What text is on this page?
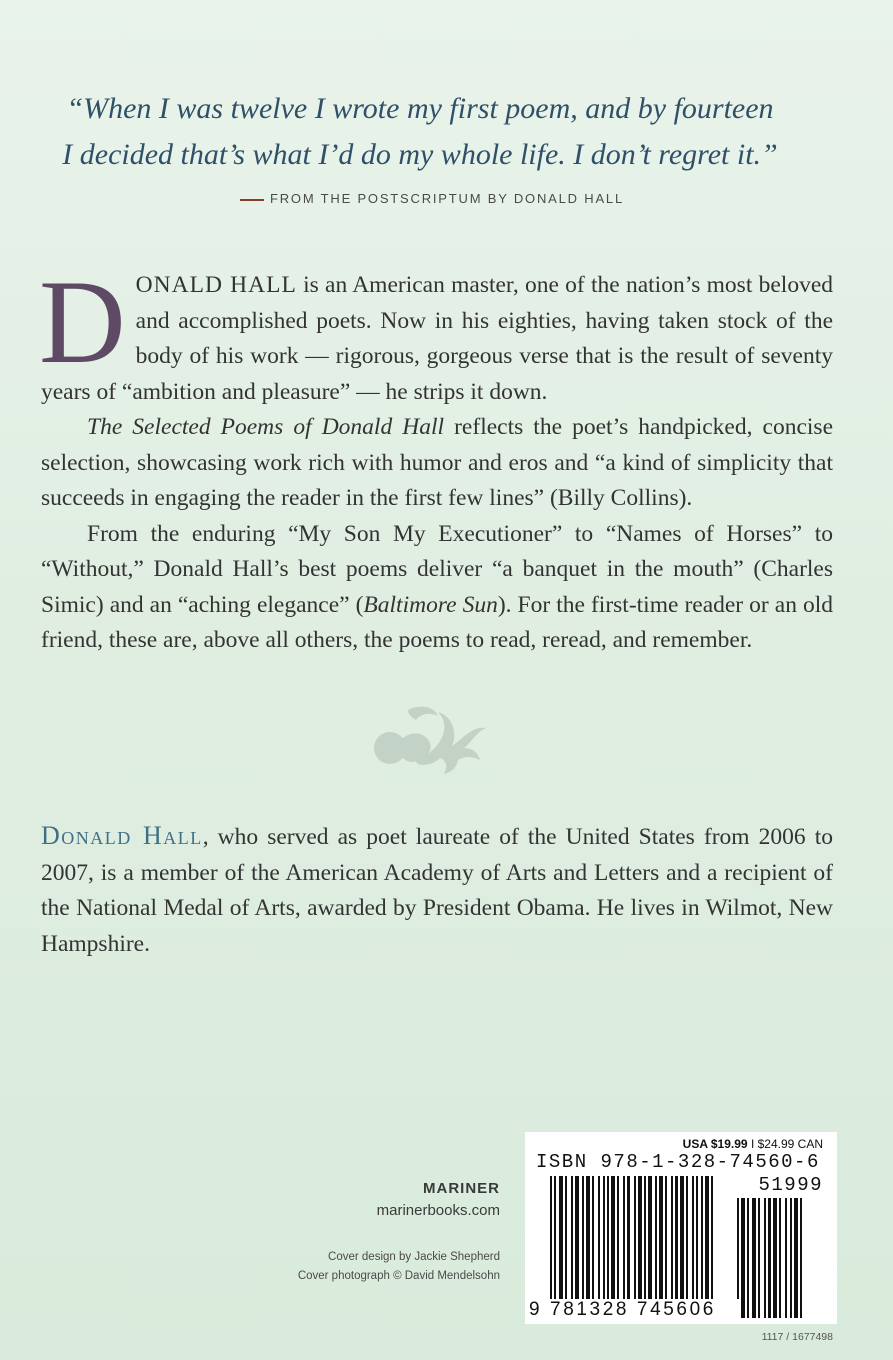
“When I was twelve I wrote my first poem, and by fourteen
I decided that’s what I’d do my whole life. I don’t regret it.”
FROM THE POSTSCRIPTUM BY DONALD HALL

DONALD HALL is an American master, one of the nation’s most beloved and accomplished poets. Now in his eighties, having taken stock of the body of his work — rigorous, gorgeous verse that is the result of seventy years of “ambition and pleasure” — he strips it down.

The Selected Poems of Donald Hall reflects the poet’s handpicked, concise selection, showcasing work rich with humor and eros and “a kind of simplicity that succeeds in engaging the reader in the first few lines” (Billy Collins).

From the enduring “My Son My Executioner” to “Names of Horses” to “Without,” Donald Hall’s best poems deliver “a banquet in the mouth” (Charles Simic) and an “aching elegance” (Baltimore Sun). For the first-time reader or an old friend, these are, above all others, the poems to read, reread, and remember.

Donald Hall, who served as poet laureate of the United States from 2006 to 2007, is a member of the American Academy of Arts and Letters and a recipient of the National Medal of Arts, awarded by President Obama. He lives in Wilmot, New Hampshire.
MARINER
marinerbooks.com
Cover design by Jackie Shepherd
Cover photograph © David Mendelsohn
USA $19.99 I $24.99 CAN
ISBN 978-1-328-74560-6
51999
9 781328 745606
1117 / 1677498
